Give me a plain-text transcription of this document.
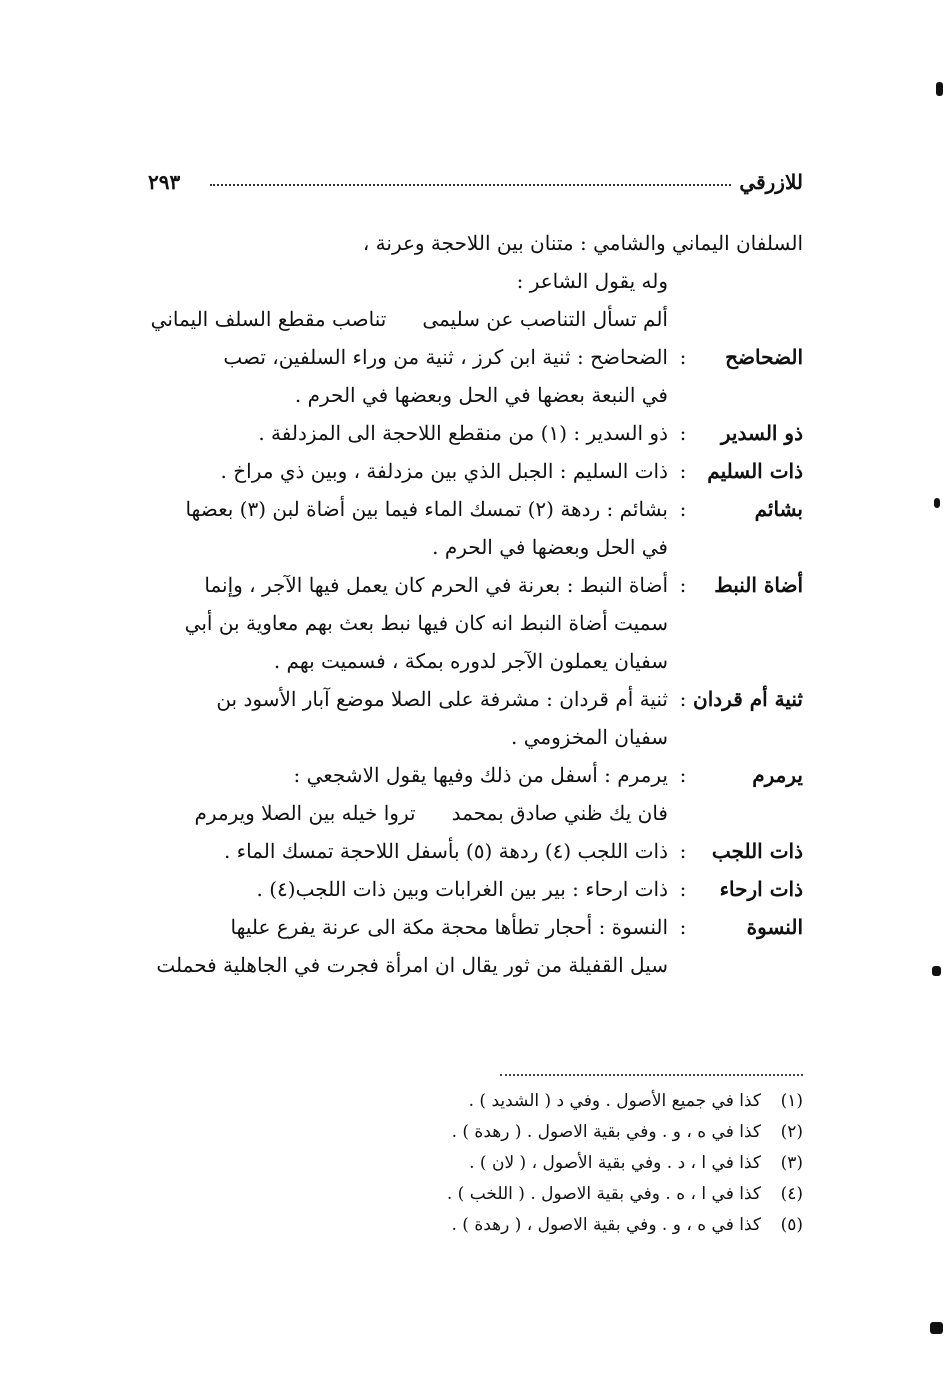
للازرقي
٢٩٣
السلفان اليماني والشامي : متنان بين اللاحجة وعرنة ،
وله يقول الشاعر :
ألم تسأل التناصب عن سليمىتناصب مقطع السلف اليماني
الضحاضح
:
الضحاضح : ثنية ابن كرز ، ثنية من وراء السلفين، تصب
في النبعة بعضها في الحل وبعضها في الحرم .
ذو السدير
:
ذو السدير : (١) من منقطع اللاحجة الى المزدلفة .
ذات السليم
:
ذات السليم : الجبل الذي بين مزدلفة ، وبين ذي مراخ .
بشائم
:
بشائم : ردهة (٢) تمسك الماء فيما بين أضاة لبن (٣) بعضها
في الحل وبعضها في الحرم .
أضاة النبط
:
أضاة النبط : بعرنة في الحرم كان يعمل فيها الآجر ، وإنما
سميت أضاة النبط انه كان فيها نبط بعث بهم معاوية بن أبي
سفيان يعملون الآجر لدوره بمكة ، فسميت بهم .
ثنية أم قردان
:
ثنية أم قردان : مشرفة على الصلا موضع آبار الأسود بن
سفيان المخزومي .
يرمرم
:
يرمرم : أسفل من ذلك وفيها يقول الاشجعي :
فان يك ظني صادق بمحمدتروا خيله بين الصلا ويرمرم
ذات اللجب
:
ذات اللجب (٤) ردهة (٥) بأسفل اللاحجة تمسك الماء .
ذات ارحاء
:
ذات ارحاء : بير بين الغرابات وبين ذات اللجب(٤) .
النسوة
:
النسوة : أحجار تطأها محجة مكة الى عرنة يفرع عليها
سيل القفيلة من ثور يقال ان امرأة فجرت في الجاهلية فحملت
(١)كذا في جميع الأصول . وفي د ( الشديد ) .
(٢)كذا في ه ، و . وفي بقية الاصول . ( رهدة ) .
(٣)كذا في ا ، د . وفي بقية الأصول ، ( لان ) .
(٤)كذا في ا ، ه . وفي بقية الاصول . ( اللخب ) .
(٥)كذا في ه ، و . وفي بقية الاصول ، ( رهدة ) .
